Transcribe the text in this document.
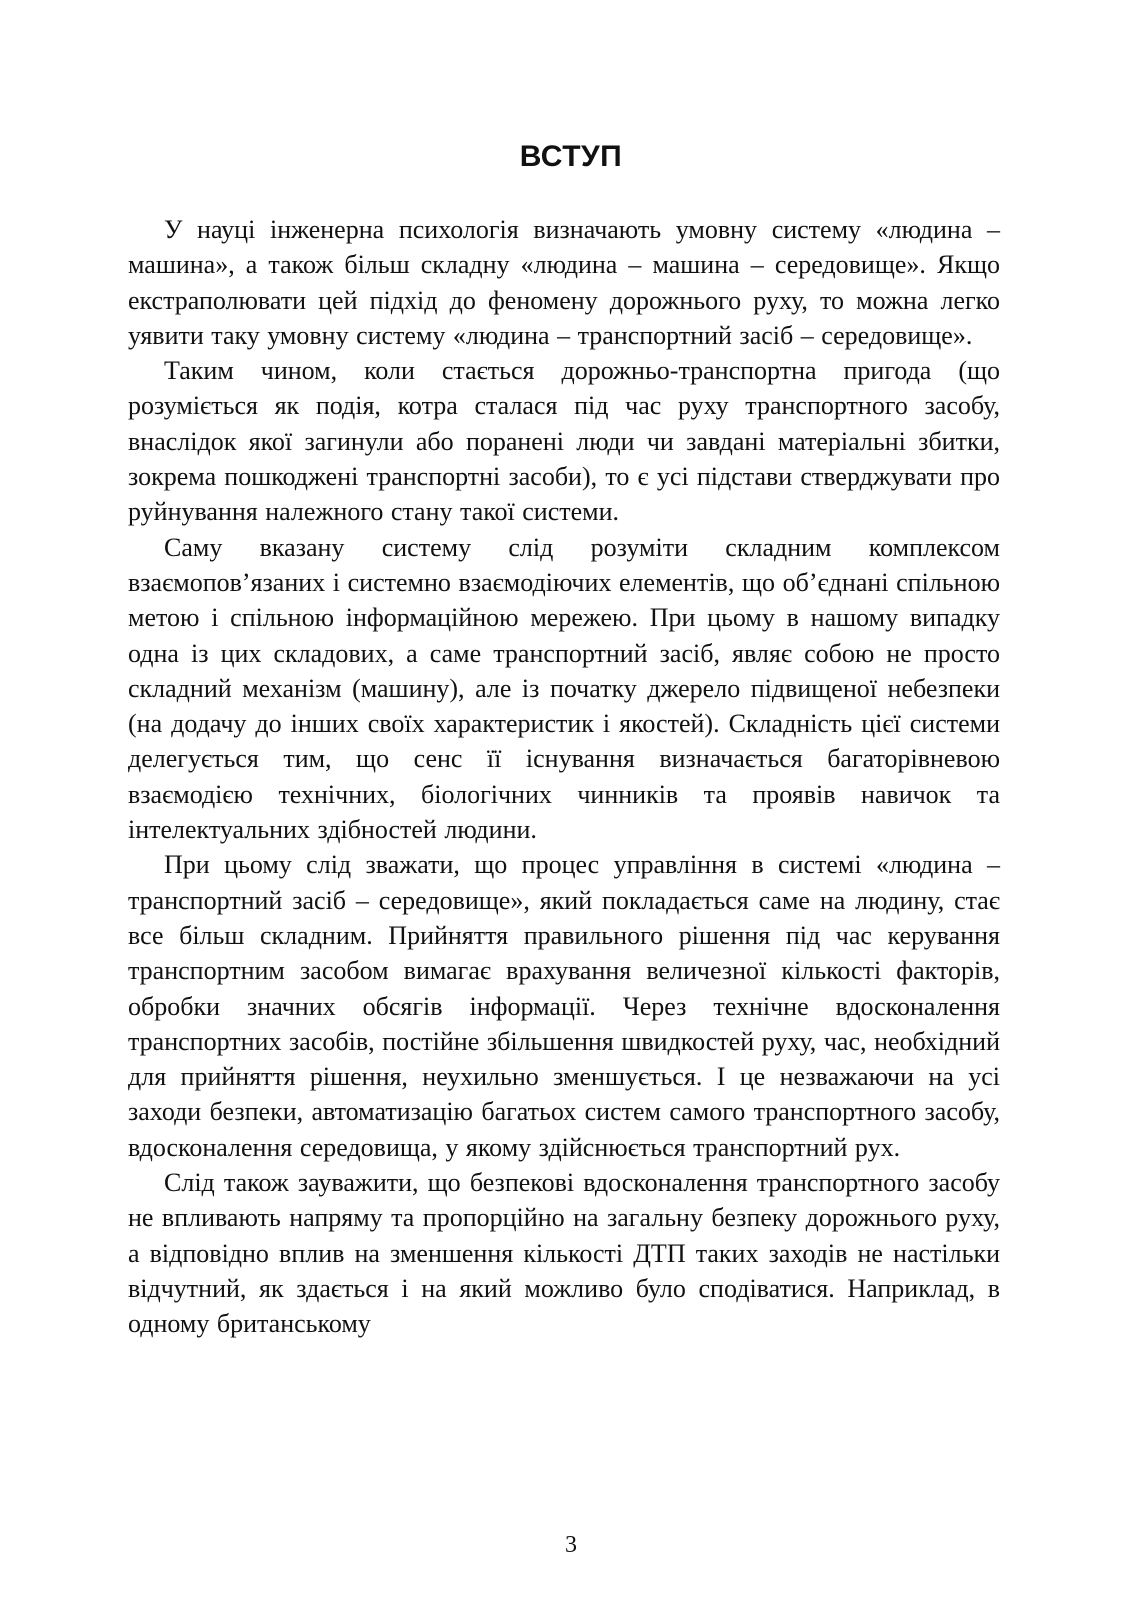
ВСТУП

У науці інженерна психологія визначають умовну систему «людина – машина», а також більш складну «людина – машина – середовище». Якщо екстраполювати цей підхід до феномену дорожнього руху, то можна легко уявити таку умовну систему «людина – транспортний засіб – середовище».

Таким чином, коли стається дорожньо-транспортна пригода (що розуміється як подія, котра сталася під час руху транспортного засобу, внаслідок якої загинули або поранені люди чи завдані матеріальні збитки, зокрема пошкоджені транспортні засоби), то є усі підстави стверджувати про руйнування належного стану такої системи.

Саму вказану систему слід розуміти складним комплексом взаємопов’язаних і системно взаємодіючих елементів, що об’єднані спільною метою і спільною інформаційною мережею. При цьому в нашому випадку одна із цих складових, а саме транспортний засіб, являє собою не просто складний механізм (машину), але із початку джерело підвищеної небезпеки (на додачу до інших своїх характеристик і якостей). Складність цієї системи делегується тим, що сенс її існування визначається багаторівневою взаємодією технічних, біологічних чинників та проявів навичок та інтелектуальних здібностей людини.

При цьому слід зважати, що процес управління в системі «людина – транспортний засіб – середовище», який покладається саме на людину, стає все більш складним. Прийняття правильного рішення під час керування транспортним засобом вимагає врахування величезної кількості факторів, обробки значних обсягів інформації. Через технічне вдосконалення транспортних засобів, постійне збільшення швидкостей руху, час, необхідний для прийняття рішення, неухильно зменшується. І це незважаючи на усі заходи безпеки, автоматизацію багатьох систем самого транспортного засобу, вдосконалення середовища, у якому здійснюється транспортний рух.

Слід також зауважити, що безпекові вдосконалення транспортного засобу не впливають напряму та пропорційно на загальну безпеку дорожнього руху, а відповідно вплив на зменшення кількості ДТП таких заходів не настільки відчутний, як здається і на який можливо було сподіватися. Наприклад, в одному британському

3
